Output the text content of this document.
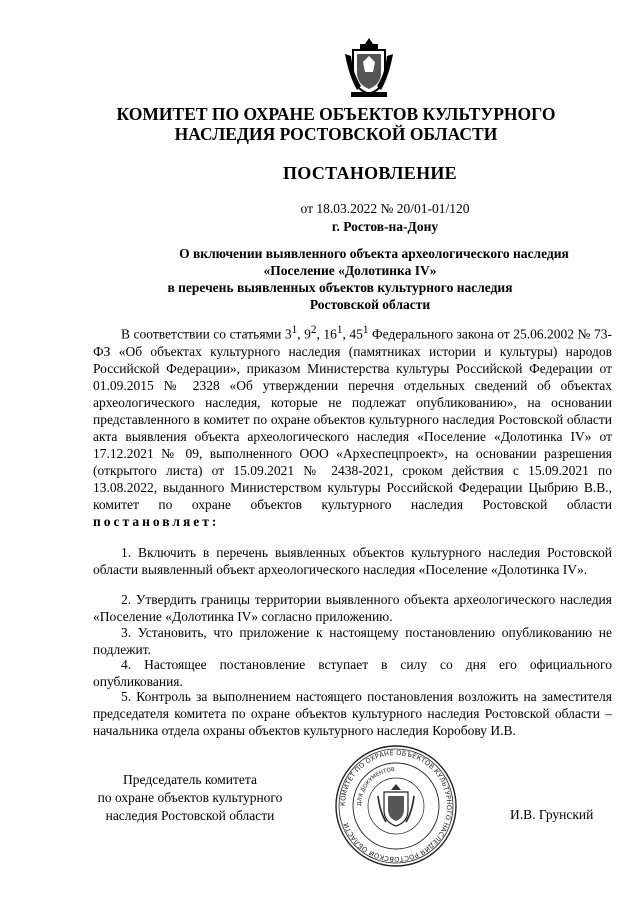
КОМИТЕТ ПО ОХРАНЕ ОБЪЕКТОВ КУЛЬТУРНОГО
НАСЛЕДИЯ РОСТОВСКОЙ ОБЛАСТИ
ПОСТАНОВЛЕНИЕ
от 18.03.2022 № 20/01-01/120
г. Ростов-на-Дону
О включении выявленного объекта археологического наследия
«Поселение «Долотинка IV»
в перечень выявленных объектов культурного наследия
Ростовской области
В соответствии со статьями $3^1$, $9^2$, $16^1$, $45^1$ Федерального закона от 25.06.2002 № 73-ФЗ «Об объектах культурного наследия (памятниках истории и культуры) народов Российской Федерации», приказом Министерства культуры Российской Федерации от 01.09.2015 № 2328 «Об утверждении перечня отдельных сведений об объектах археологического наследия, которые не подлежат опубликованию», на основании представленного в комитет по охране объектов культурного наследия Ростовской области акта выявления объекта археологического наследия «Поселение «Долотинка IV» от 17.12.2021 № 09, выполненного ООО «Археспецпроект», на основании разрешения (открытого листа) от 15.09.2021 № 2438-2021, сроком действия с 15.09.2021 по 13.08.2022, выданного Министерством культуры Российской Федерации Цыбрию В.В., комитет по охране объектов культурного наследия Ростовской области постановляет:
1. Включить в перечень выявленных объектов культурного наследия Ростовской области выявленный объект археологического наследия «Поселение «Долотинка IV».
2. Утвердить границы территории выявленного объекта археологического наследия «Поселение «Долотинка IV» согласно приложению.
3. Установить, что приложение к настоящему постановлению опубликованию не подлежит.
4. Настоящее постановление вступает в силу со дня его официального опубликования.
5. Контроль за выполнением настоящего постановления возложить на заместителя председателя комитета по охране объектов культурного наследия Ростовской области – начальника отдела охраны объектов культурного наследия Коробову И.В.
Председатель комитета
по охране объектов культурного
наследия Ростовской области
КОМИТЕТ ПО ОХРАНЕ ОБЪЕКТОВ КУЛЬТУРНОГО НАСЛЕДИЯ РОСТОВСКОЙ ОБЛАСТИ
ДЛЯ ДОКУМЕНТОВ
И.В. Грунский
